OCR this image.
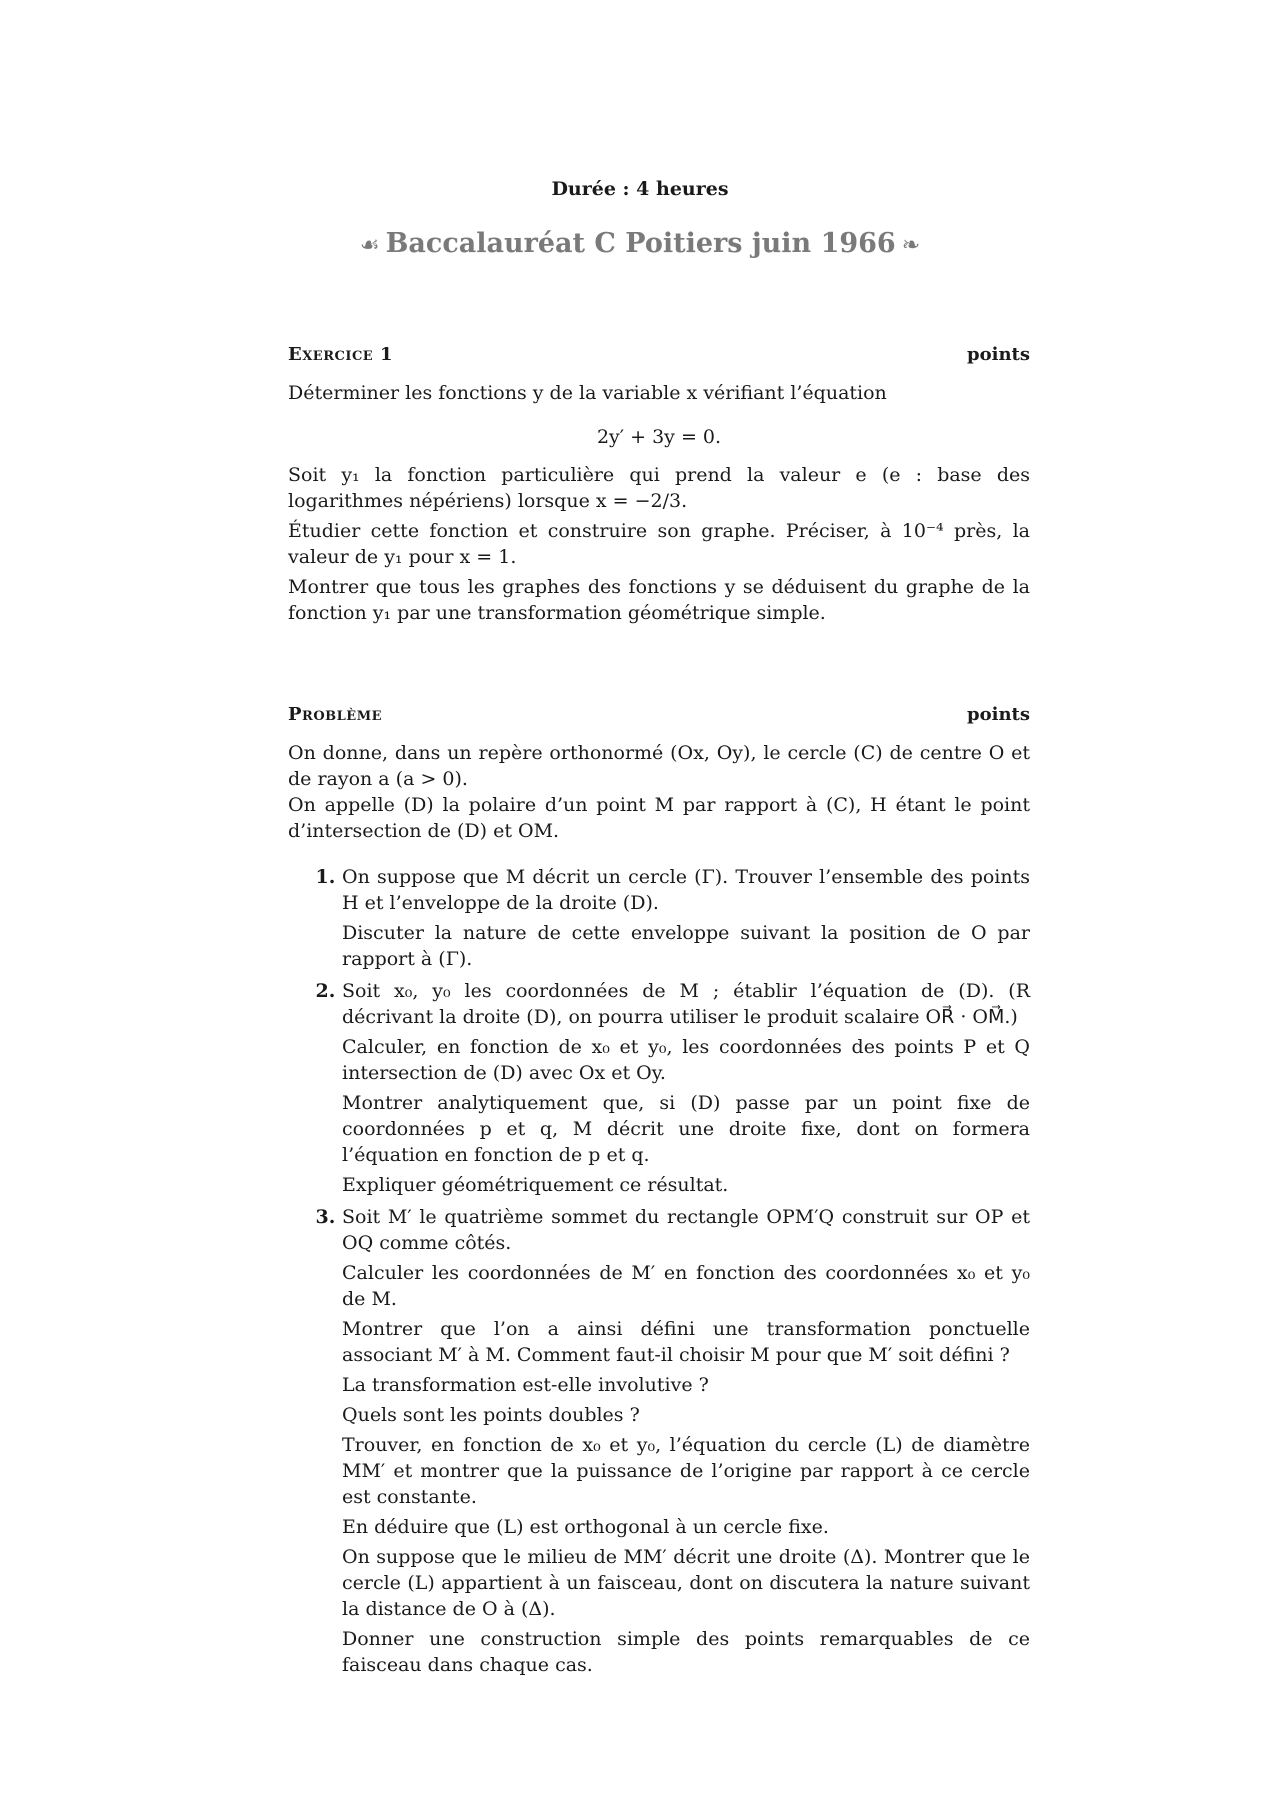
Durée : 4 heures
☙ Baccalauréat C Poitiers juin 1966 ❧
Exercice 1	points

Déterminer les fonctions y de la variable x vérifiant l’équation

2y′ + 3y = 0.

Soit y₁ la fonction particulière qui prend la valeur e (e : base des logarithmes népériens) lorsque x = −2/3.

Étudier cette fonction et construire son graphe. Préciser, à 10⁻⁴ près, la valeur de y₁ pour x = 1.

Montrer que tous les graphes des fonctions y se déduisent du graphe de la fonction y₁ par une transformation géométrique simple.

Problème	points

On donne, dans un repère orthonormé (Ox, Oy), le cercle (C) de centre O et de rayon a (a > 0).

On appelle (D) la polaire d’un point M par rapport à (C), H étant le point d’intersection de (D) et OM.

1. On suppose que M décrit un cercle (Γ). Trouver l’ensemble des points H et l’enveloppe de la droite (D).

Discuter la nature de cette enveloppe suivant la position de O par rapport à (Γ).

2. Soit x₀, y₀ les coordonnées de M ; établir l’équation de (D). (R décrivant la droite (D), on pourra utiliser le produit scalaire OR⃗ · OM⃗.)

Calculer, en fonction de x₀ et y₀, les coordonnées des points P et Q intersection de (D) avec Ox et Oy.

Montrer analytiquement que, si (D) passe par un point fixe de coordonnées p et q, M décrit une droite fixe, dont on formera l’équation en fonction de p et q.

Expliquer géométriquement ce résultat.

3. Soit M′ le quatrième sommet du rectangle OPM′Q construit sur OP et OQ comme côtés.

Calculer les coordonnées de M′ en fonction des coordonnées x₀ et y₀ de M.

Montrer que l’on a ainsi défini une transformation ponctuelle associant M′ à M. Comment faut-il choisir M pour que M′ soit défini ?

La transformation est-elle involutive ?

Quels sont les points doubles ?

Trouver, en fonction de x₀ et y₀, l’équation du cercle (L) de diamètre MM′ et montrer que la puissance de l’origine par rapport à ce cercle est constante.

En déduire que (L) est orthogonal à un cercle fixe.

On suppose que le milieu de MM′ décrit une droite (Δ). Montrer que le cercle (L) appartient à un faisceau, dont on discutera la nature suivant la distance de O à (Δ).

Donner une construction simple des points remarquables de ce faisceau dans chaque cas.
